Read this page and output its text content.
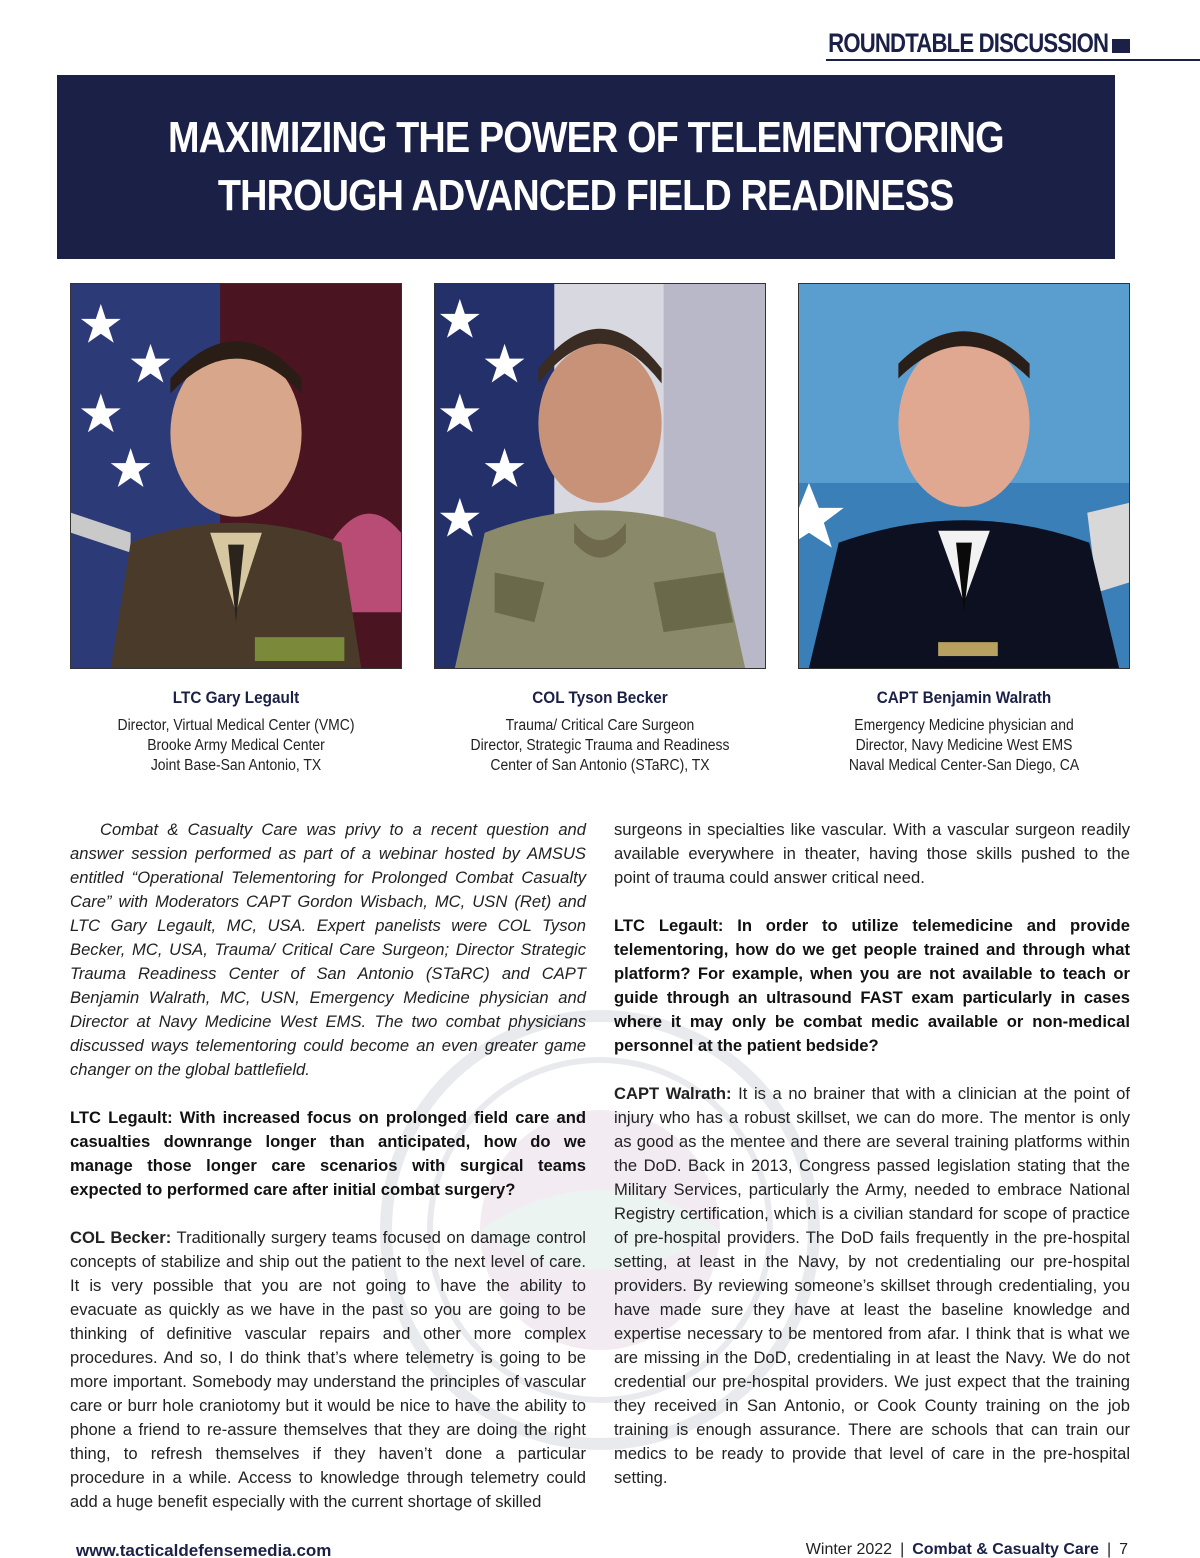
ROUNDTABLE DISCUSSION
MAXIMIZING THE POWER OF TELEMENTORING
THROUGH ADVANCED FIELD READINESS
LTC Gary Legault
Director, Virtual Medical Center (VMC)
Brooke Army Medical Center
Joint Base-San Antonio, TX
COL Tyson Becker
Trauma/ Critical Care Surgeon
Director, Strategic Trauma and Readiness
Center of San Antonio (STaRC), TX
CAPT Benjamin Walrath
Emergency Medicine physician and
Director, Navy Medicine West EMS
Naval Medical Center-San Diego, CA

Combat & Casualty Care was privy to a recent question and answer session performed as part of a webinar hosted by AMSUS entitled “Operational Telementoring for Prolonged Combat Casualty Care” with Moderators CAPT Gordon Wisbach, MC, USN (Ret) and LTC Gary Legault, MC, USA. Expert panelists were COL Tyson Becker, MC, USA, Trauma/ Critical Care Surgeon; Director Strategic Trauma Readiness Center of San Antonio (STaRC) and CAPT Benjamin Walrath, MC, USN, Emergency Medicine physician and Director at Navy Medicine West EMS. The two combat physicians discussed ways telementoring could become an even greater game changer on the global battlefield.

LTC Legault: With increased focus on prolonged field care and casualties downrange longer than anticipated, how do we manage those longer care scenarios with surgical teams expected to performed care after initial combat surgery?

COL Becker: Traditionally surgery teams focused on damage control concepts of stabilize and ship out the patient to the next level of care. It is very possible that you are not going to have the ability to evacuate as quickly as we have in the past so you are going to be thinking of definitive vascular repairs and other more complex procedures. And so, I do think that’s where telemetry is going to be more important. Somebody may understand the principles of vascular care or burr hole craniotomy but it would be nice to have the ability to phone a friend to re-assure themselves that they are doing the right thing, to refresh themselves if they haven’t done a particular procedure in a while. Access to knowledge through telemetry could add a huge benefit especially with the current shortage of skilled

surgeons in specialties like vascular. With a vascular surgeon readily available everywhere in theater, having those skills pushed to the point of trauma could answer critical need.

LTC Legault: In order to utilize telemedicine and provide telementoring, how do we get people trained and through what platform? For example, when you are not available to teach or guide through an ultrasound FAST exam particularly in cases where it may only be combat medic available or non-medical personnel at the patient bedside?

CAPT Walrath: It is a no brainer that with a clinician at the point of injury who has a robust skillset, we can do more. The mentor is only as good as the mentee and there are several training platforms within the DoD. Back in 2013, Congress passed legislation stating that the Military Services, particularly the Army, needed to embrace National Registry certification, which is a civilian standard for scope of practice of pre-hospital providers. The DoD fails frequently in the pre-hospital setting, at least in the Navy, by not credentialing our pre-hospital providers. By reviewing someone’s skillset through credentialing, you have made sure they have at least the baseline knowledge and expertise necessary to be mentored from afar. I think that is what we are missing in the DoD, credentialing in at least the Navy. We do not credential our pre-hospital providers. We just expect that the training they received in San Antonio, or Cook County training on the job training is enough assurance. There are schools that can train our medics to be ready to provide that level of care in the pre-hospital setting.

www.tacticaldefensemedia.com	Winter 2022 | Combat & Casualty Care | 7
